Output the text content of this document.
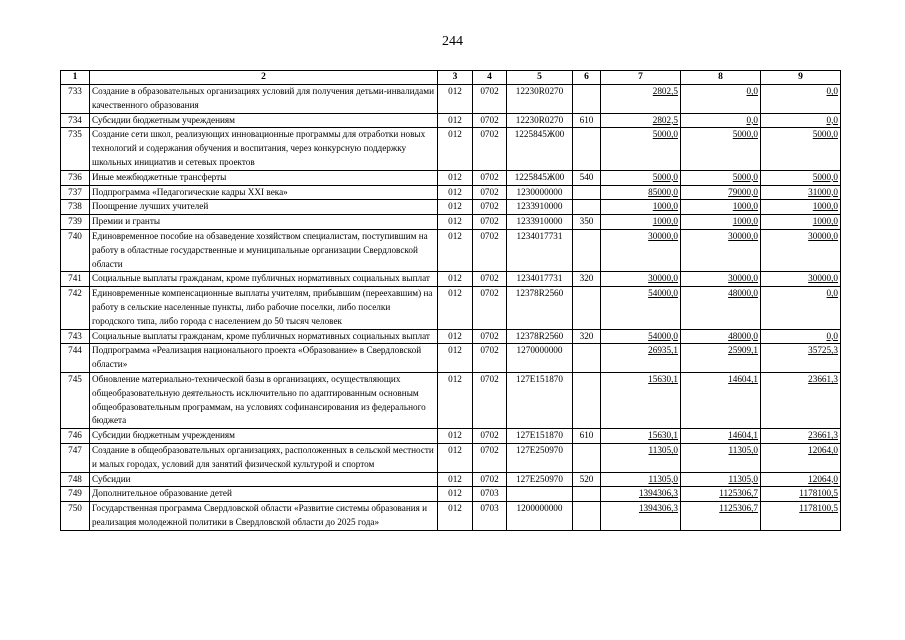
244
1	2	3	4	5	6	7	8	9
733	Создание в образовательных организациях условий для получения детьми-инвалидами качественного образования	012	0702	12230R0270		2802,5	0,0	0,0
734	Субсидии бюджетным учреждениям	012	0702	12230R0270	610	2802,5	0,0	0,0
735	Создание сети школ, реализующих инновационные программы для отработки новых технологий и содержания обучения и воспитания, через конкурсную поддержку школьных инициатив и сетевых проектов	012	0702	1225845Ж00		5000,0	5000,0	5000,0
736	Иные межбюджетные трансферты	012	0702	1225845Ж00	540	5000,0	5000,0	5000,0
737	Подпрограмма «Педагогические кадры XXI века»	012	0702	1230000000		85000,0	79000,0	31000,0
738	Поощрение лучших учителей	012	0702	1233910000		1000,0	1000,0	1000,0
739	Премии и гранты	012	0702	1233910000	350	1000,0	1000,0	1000,0
740	Единовременное пособие на обзаведение хозяйством специалистам, поступившим на работу в областные государственные и муниципальные организации Свердловской области	012	0702	1234017731		30000,0	30000,0	30000,0
741	Социальные выплаты гражданам, кроме публичных нормативных социальных выплат	012	0702	1234017731	320	30000,0	30000,0	30000,0
742	Единовременные компенсационные выплаты учителям, прибывшим (переехавшим) на работу в сельские населенные пункты, либо рабочие поселки, либо поселки городского типа, либо города с населением до 50 тысяч человек	012	0702	12378R2560		54000,0	48000,0	0,0
743	Социальные выплаты гражданам, кроме публичных нормативных социальных выплат	012	0702	12378R2560	320	54000,0	48000,0	0,0
744	Подпрограмма «Реализация национального проекта «Образование» в Свердловской области»	012	0702	1270000000		26935,1	25909,1	35725,3
745	Обновление материально-технической базы в организациях, осуществляющих общеобразовательную деятельность исключительно по адаптированным основным общеобразовательным программам, на условиях софинансирования из федерального бюджета	012	0702	127E151870		15630,1	14604,1	23661,3
746	Субсидии бюджетным учреждениям	012	0702	127E151870	610	15630,1	14604,1	23661,3
747	Создание в общеобразовательных организациях, расположенных в сельской местности и малых городах, условий для занятий физической культурой и спортом	012	0702	127E250970		11305,0	11305,0	12064,0
748	Субсидии	012	0702	127E250970	520	11305,0	11305,0	12064,0
749	Дополнительное образование детей	012	0703			1394306,3	1125306,7	1178100,5
750	Государственная программа Свердловской области «Развитие системы образования и реализация молодежной политики в Свердловской области до 2025 года»	012	0703	1200000000		1394306,3	1125306,7	1178100,5
